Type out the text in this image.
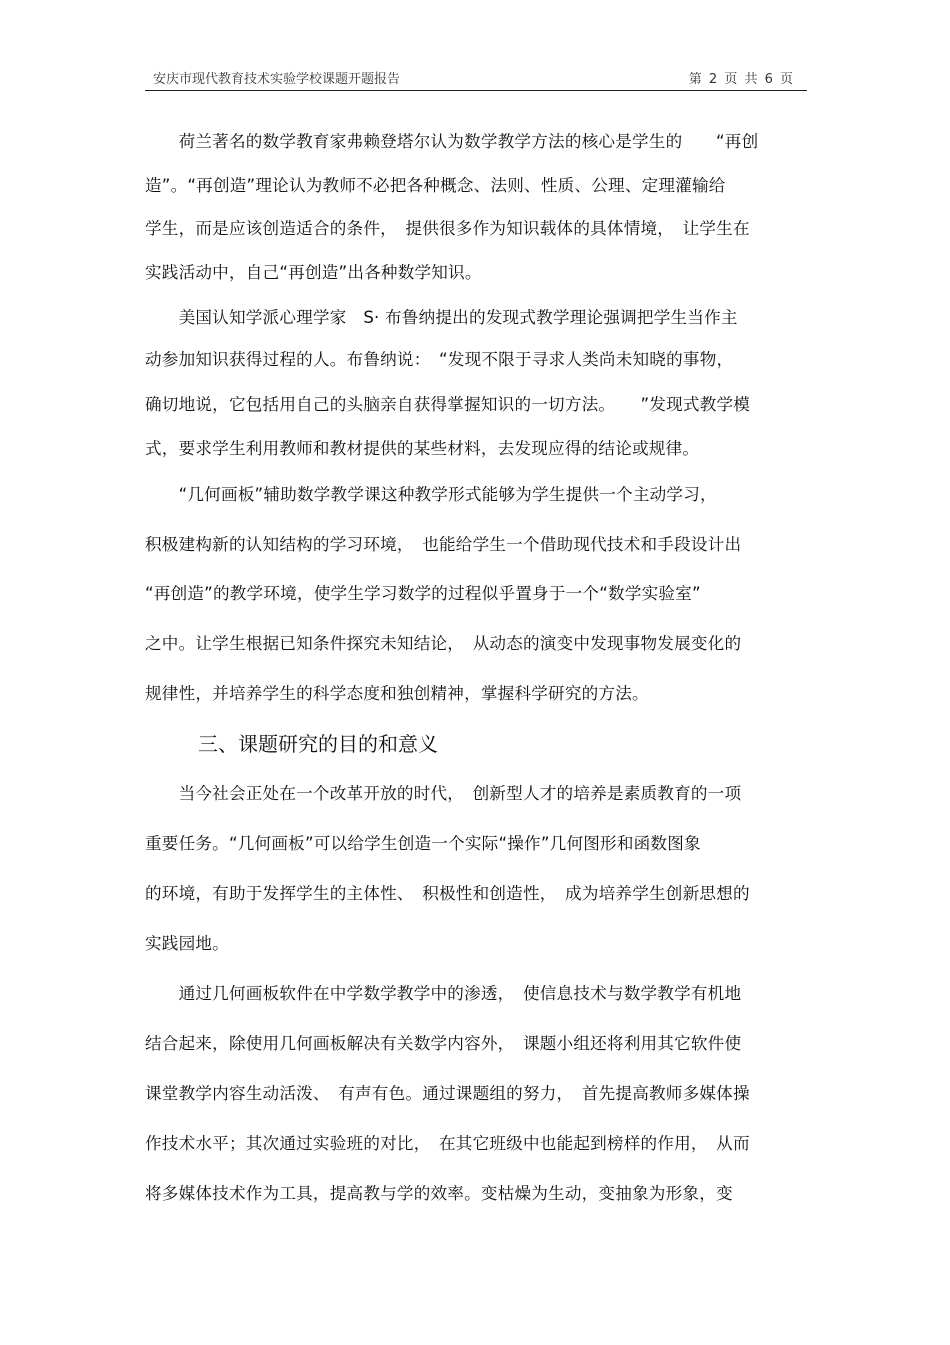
安庆市现代教育技术实验学校课题开题报告	第 2 页 共 6 页
　　荷兰著名的数学教育家弗赖登塔尔认为数学教学方法的核心是学生的　　“再创
造”。“再创造”理论认为教师不必把各种概念、法则、性质、公理、定理灌输给
学生，而是应该创造适合的条件，　提供很多作为知识载体的具体情境，　让学生在
实践活动中，自己“再创造”出各种数学知识。
　　美国认知学派心理学家　S· 布鲁纳提出的发现式教学理论强调把学生当作主
动参加知识获得过程的人。布鲁纳说：　“发现不限于寻求人类尚未知晓的事物，
确切地说，它包括用自己的头脑亲自获得掌握知识的一切方法。　　”发现式教学模
式，要求学生利用教师和教材提供的某些材料，去发现应得的结论或规律。
　　“几何画板”辅助数学教学课这种教学形式能够为学生提供一个主动学习，
积极建构新的认知结构的学习环境，　也能给学生一个借助现代技术和手段设计出
“再创造”的教学环境，使学生学习数学的过程似乎置身于一个“数学实验室”
之中。让学生根据已知条件探究未知结论，　从动态的演变中发现事物发展变化的
规律性，并培养学生的科学态度和独创精神，掌握科学研究的方法。
三、课题研究的目的和意义
　　当今社会正处在一个改革开放的时代，　创新型人才的培养是素质教育的一项
重要任务。“几何画板”可以给学生创造一个实际“操作”几何图形和函数图象
的环境，有助于发挥学生的主体性、　积极性和创造性，　成为培养学生创新思想的
实践园地。
　　通过几何画板软件在中学数学教学中的渗透，　使信息技术与数学教学有机地
结合起来，除使用几何画板解决有关数学内容外，　课题小组还将利用其它软件使
课堂教学内容生动活泼、　有声有色。通过课题组的努力，　首先提高教师多媒体操
作技术水平；其次通过实验班的对比，　在其它班级中也能起到榜样的作用，　从而
将多媒体技术作为工具，提高教与学的效率。变枯燥为生动，变抽象为形象，变
